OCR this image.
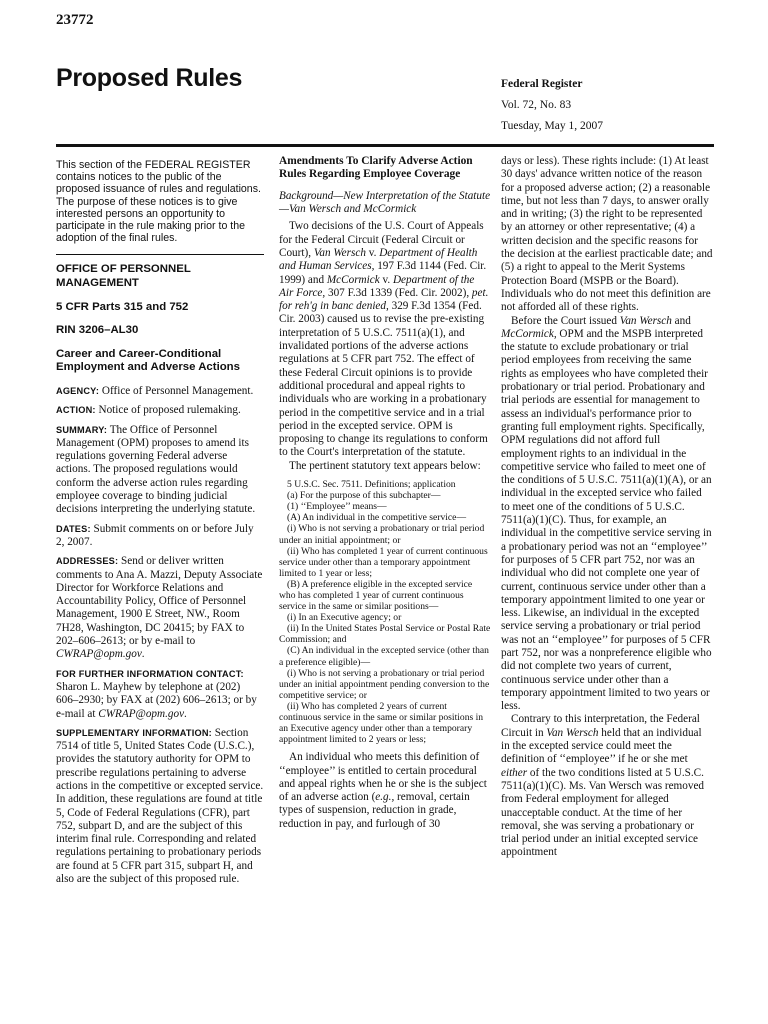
23772
Proposed Rules	Federal Register
Vol. 72, No. 83
Tuesday, May 1, 2007
This section of the FEDERAL REGISTER contains notices to the public of the proposed issuance of rules and regulations. The purpose of these notices is to give interested persons an opportunity to participate in the rule making prior to the adoption of the final rules.
OFFICE OF PERSONNEL MANAGEMENT
5 CFR Parts 315 and 752
RIN 3206–AL30
Career and Career-Conditional Employment and Adverse Actions
AGENCY: Office of Personnel Management.
ACTION: Notice of proposed rulemaking.
SUMMARY: The Office of Personnel Management (OPM) proposes to amend its regulations governing Federal adverse actions. The proposed regulations would conform the adverse action rules regarding employee coverage to binding judicial decisions interpreting the underlying statute.
DATES: Submit comments on or before July 2, 2007.
ADDRESSES: Send or deliver written comments to Ana A. Mazzi, Deputy Associate Director for Workforce Relations and Accountability Policy, Office of Personnel Management, 1900 E Street, NW., Room 7H28, Washington, DC 20415; by FAX to 202–606–2613; or by e-mail to CWRAP@opm.gov.
FOR FURTHER INFORMATION CONTACT:
Sharon L. Mayhew by telephone at (202) 606–2930; by FAX at (202) 606–2613; or by e-mail at CWRAP@opm.gov.
SUPPLEMENTARY INFORMATION: Section 7514 of title 5, United States Code (U.S.C.), provides the statutory authority for OPM to prescribe regulations pertaining to adverse actions in the competitive or excepted service. In addition, these regulations are found at title 5, Code of Federal Regulations (CFR), part 752, subpart D, and are the subject of this interim final rule. Corresponding and related regulations pertaining to probationary periods are found at 5 CFR part 315, subpart H, and also are the subject of this proposed rule.
Amendments To Clarify Adverse Action Rules Regarding Employee Coverage
Background—New Interpretation of the Statute—Van Wersch and McCormick

Two decisions of the U.S. Court of Appeals for the Federal Circuit (Federal Circuit or Court), Van Wersch v. Department of Health and Human Services, 197 F.3d 1144 (Fed. Cir. 1999) and McCormick v. Department of the Air Force, 307 F.3d 1339 (Fed. Cir. 2002), pet. for reh'g in banc denied, 329 F.3d 1354 (Fed. Cir. 2003) caused us to revise the pre-existing interpretation of 5 U.S.C. 7511(a)(1), and invalidated portions of the adverse actions regulations at 5 CFR part 752. The effect of these Federal Circuit opinions is to provide additional procedural and appeal rights to individuals who are working in a probationary period in the competitive service and in a trial period in the excepted service. OPM is proposing to change its regulations to conform to the Court's interpretation of the statute.

The pertinent statutory text appears below:

5 U.S.C. Sec. 7511. Definitions; application
(a) For the purpose of this subchapter—
(1) ‘‘Employee’’ means—
(A) An individual in the competitive service—
(i) Who is not serving a probationary or trial period under an initial appointment; or
(ii) Who has completed 1 year of current continuous service under other than a temporary appointment limited to 1 year or less;
(B) A preference eligible in the excepted service who has completed 1 year of current continuous service in the same or similar positions—
(i) In an Executive agency; or
(ii) In the United States Postal Service or Postal Rate Commission; and
(C) An individual in the excepted service (other than a preference eligible)—
(i) Who is not serving a probationary or trial period under an initial appointment pending conversion to the competitive service; or
(ii) Who has completed 2 years of current continuous service in the same or similar positions in an Executive agency under other than a temporary appointment limited to 2 years or less;

An individual who meets this definition of ‘‘employee’’ is entitled to certain procedural and appeal rights when he or she is the subject of an adverse action (e.g., removal, certain types of suspension, reduction in grade, reduction in pay, and furlough of 30

days or less). These rights include: (1) At least 30 days' advance written notice of the reason for a proposed adverse action; (2) a reasonable time, but not less than 7 days, to answer orally and in writing; (3) the right to be represented by an attorney or other representative; (4) a written decision and the specific reasons for the decision at the earliest practicable date; and (5) a right to appeal to the Merit Systems Protection Board (MSPB or the Board). Individuals who do not meet this definition are not afforded all of these rights.

Before the Court issued Van Wersch and McCormick, OPM and the MSPB interpreted the statute to exclude probationary or trial period employees from receiving the same rights as employees who have completed their probationary or trial period. Probationary and trial periods are essential for management to assess an individual's performance prior to granting full employment rights. Specifically, OPM regulations did not afford full employment rights to an individual in the competitive service who failed to meet one of the conditions of 5 U.S.C. 7511(a)(1)(A), or an individual in the excepted service who failed to meet one of the conditions of 5 U.S.C. 7511(a)(1)(C). Thus, for example, an individual in the competitive service serving in a probationary period was not an ‘‘employee’’ for purposes of 5 CFR part 752, nor was an individual who did not complete one year of current, continuous service under other than a temporary appointment limited to one year or less. Likewise, an individual in the excepted service serving a probationary or trial period was not an ‘‘employee’’ for purposes of 5 CFR part 752, nor was a nonpreference eligible who did not complete two years of current, continuous service under other than a temporary appointment limited to two years or less.

Contrary to this interpretation, the Federal Circuit in Van Wersch held that an individual in the excepted service could meet the definition of ‘‘employee’’ if he or she met either of the two conditions listed at 5 U.S.C. 7511(a)(1)(C). Ms. Van Wersch was removed from Federal employment for alleged unacceptable conduct. At the time of her removal, she was serving a probationary or trial period under an initial excepted service appointment
